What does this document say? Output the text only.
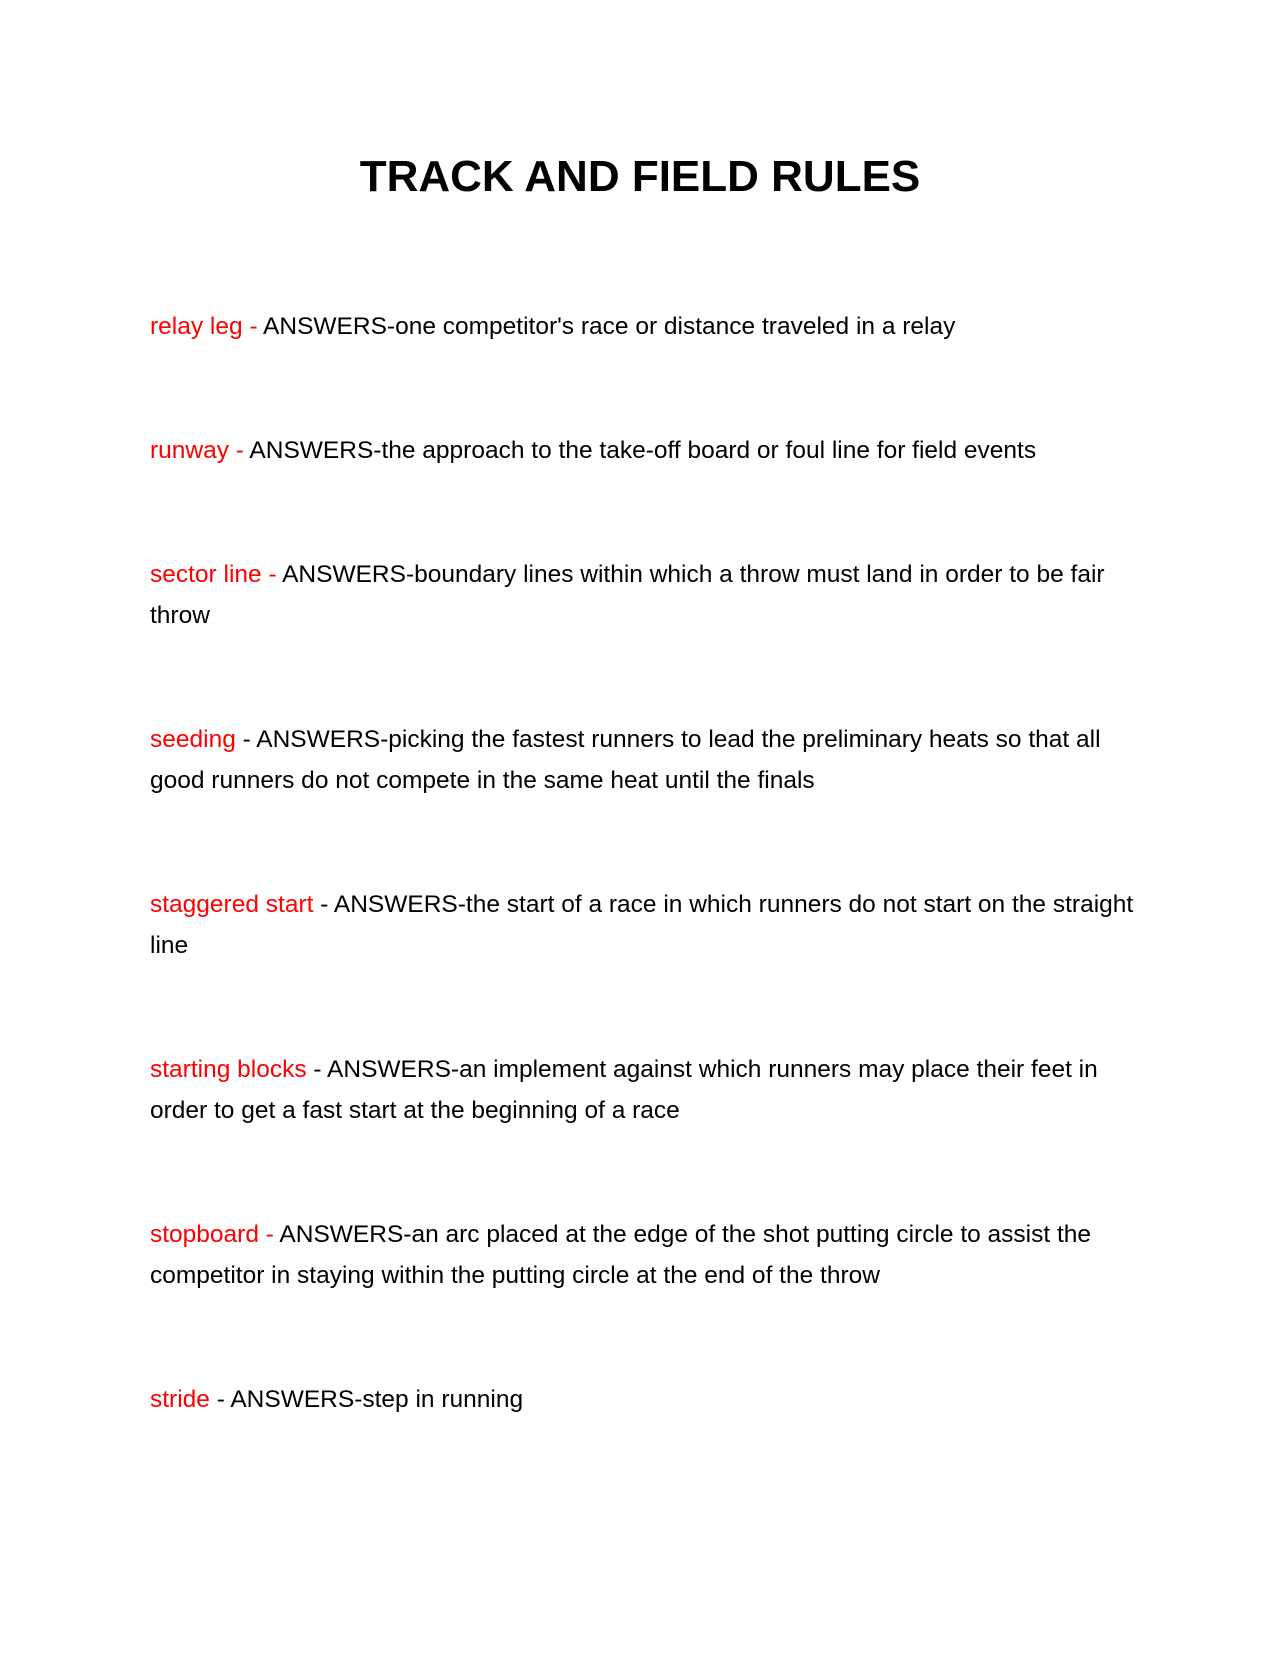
TRACK AND FIELD RULES
relay leg - ANSWERS-one competitor's race or distance traveled in a relay
runway - ANSWERS-the approach to the take-off board or foul line for field events
sector line - ANSWERS-boundary lines within which a throw must land in order to be fair throw
seeding - ANSWERS-picking the fastest runners to lead the preliminary heats so that all good runners do not compete in the same heat until the finals
staggered start - ANSWERS-the start of a race in which runners do not start on the straight line
starting blocks - ANSWERS-an implement against which runners may place their feet in order to get a fast start at the beginning of a race
stopboard - ANSWERS-an arc placed at the edge of the shot putting circle to assist the competitor in staying within the putting circle at the end of the throw
stride - ANSWERS-step in running
